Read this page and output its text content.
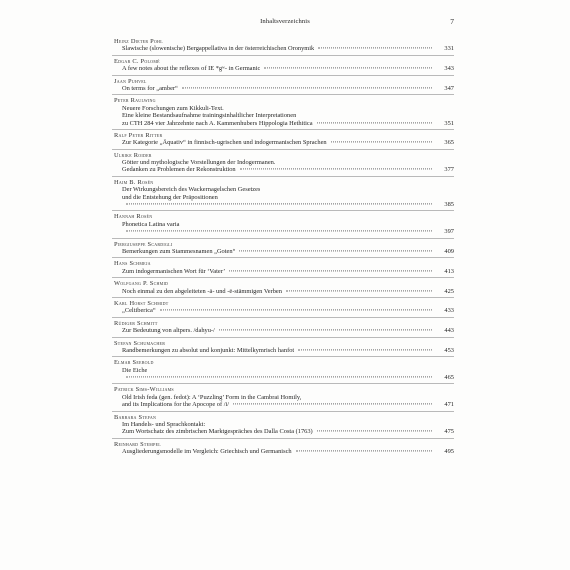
Inhaltsverzeichnis	7
Heinz Dieter Pohl
Slawische (slowenische) Bergappellativa in der österreichischen Oronymik	331
Edgar C. Polomé
A few notes about the reflexes of IE *gʷ- in Germanic	343
Jaan Puhvel
On terms for „amber“	347
Peter Raulwing
Neuere Forschungen zum Kikkuli-Text.
Eine kleine Bestandsaufnahme trainingsinhaltlicher Interpretationen
zu CTH 284 vier Jahrzehnte nach A. Kammenhubers Hippologia Hethitica	351
Ralf Peter Ritter
Zur Kategorie „Äquativ“ in finnisch-ugrischen und indogermanischen Sprachen	365
Ulrike Roider
Götter und mythologische Vorstellungen der Indogermanen.
Gedanken zu Problemen der Rekonstruktion	377
Haim B. Rosén
Der Wirkungsbereich des Wackernagelschen Gesetzes
und die Entstehung der Präpositionen
385
Hannah Rosén
Phonetica Latina varia
397
Piergiuseppe Scardigli
Bemerkungen zum Stammesnamen „Goten“	409
Hans Schmeja
Zum indogermanischen Wort für ‘Vater’	413
Wolfgang P. Schmid
Noch einmal zu den abgeleiteten -ā- und -ē-stämmigen Verben	425
Karl Horst Schmidt
„Celtiberica“	433
Rüdiger Schmitt
Zur Bedeutung von altpers. /dahyu-/	443
Stefan Schumacher
Randbemerkungen zu absolut und konjunkt: Mittelkymrisch hanfot	453
Elmar Seebold
Die Eiche
465
Patrick Sims-Williams
Old Irish feda (gen. fedot): A ‘Puzzling’ Form in the Cambrai Homily,
and its Implications for the Apocope of /i/	471
Barbara Stefan
Im Handels- und Sprachkontakt:
Zum Wortschatz des zimbrischen Marktgespräches des Dalla Costa (1763)	475
Reinhard Stempel
Ausgliederungsmodelle im Vergleich: Griechisch und Germanisch	495
